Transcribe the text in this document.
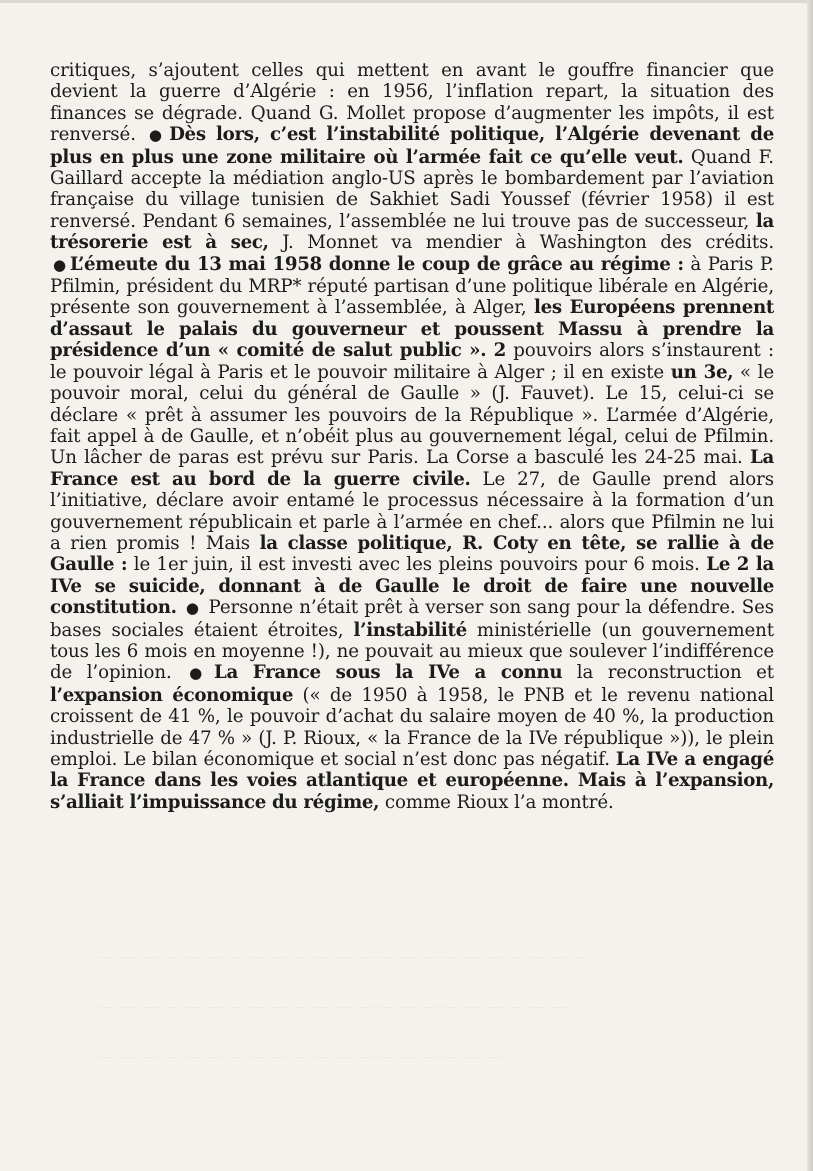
— — — — — — — — — — — — — — — — — — — — — — —
— — — — — — — — — — — — — — — — — — — — — —
— — — — — — — — — — — — — — — — — — —

critiques, s’ajoutent celles qui mettent en avant le gouffre financier que devient la guerre d’Algérie : en 1956, l’inflation repart, la situation des finances se dégrade. Quand G. Mollet propose d’augmenter les impôts, il est renversé. ● Dès lors, c’est l’instabilité politique, l’Algérie devenant de plus en plus une zone militaire où l’armée fait ce qu’elle veut. Quand F. Gaillard accepte la médiation anglo-US après le bombardement par l’aviation française du village tunisien de Sakhiet Sadi Youssef (février 1958) il est renversé. Pendant 6 semaines, l’assemblée ne lui trouve pas de successeur, la trésorerie est à sec, J. Monnet va mendier à Washington des crédits. ● L’émeute du 13 mai 1958 donne le coup de grâce au régime : à Paris P. Pfilmin, président du MRP* réputé partisan d’une politique libérale en Algérie, présente son gouvernement à l’assemblée, à Alger, les Européens prennent d’assaut le palais du gouverneur et poussent Massu à prendre la présidence d’un « comité de salut public ». 2 pouvoirs alors s’instaurent : le pouvoir légal à Paris et le pouvoir militaire à Alger ; il en existe un 3e, « le pouvoir moral, celui du général de Gaulle » (J. Fauvet). Le 15, celui-ci se déclare « prêt à assumer les pouvoirs de la République ». L’armée d’Algérie, fait appel à de Gaulle, et n’obéit plus au gouvernement légal, celui de Pfilmin. Un lâcher de paras est prévu sur Paris. La Corse a basculé les 24-25 mai. La France est au bord de la guerre civile. Le 27, de Gaulle prend alors l’initiative, déclare avoir entamé le processus nécessaire à la formation d’un gouvernement républicain et parle à l’armée en chef... alors que Pfilmin ne lui a rien promis ! Mais la classe politique, R. Coty en tête, se rallie à de Gaulle : le 1er juin, il est investi avec les pleins pouvoirs pour 6 mois. Le 2 la IVe se suicide, donnant à de Gaulle le droit de faire une nouvelle constitution. ● Personne n’était prêt à verser son sang pour la défendre. Ses bases sociales étaient étroites, l’instabilité ministérielle (un gouvernement tous les 6 mois en moyenne !), ne pouvait au mieux que soulever l’indifférence de l’opinion. ● La France sous la IVe a connu la reconstruction et l’expansion économique (« de 1950 à 1958, le PNB et le revenu national croissent de 41 %, le pouvoir d’achat du salaire moyen de 40 %, la production industrielle de 47 % » (J. P. Rioux, « la France de la IVe république »)), le plein emploi. Le bilan économique et social n’est donc pas négatif. La IVe a engagé la France dans les voies atlantique et européenne. Mais à l’expansion, s’alliait l’impuissance du régime, comme Rioux l’a montré.
